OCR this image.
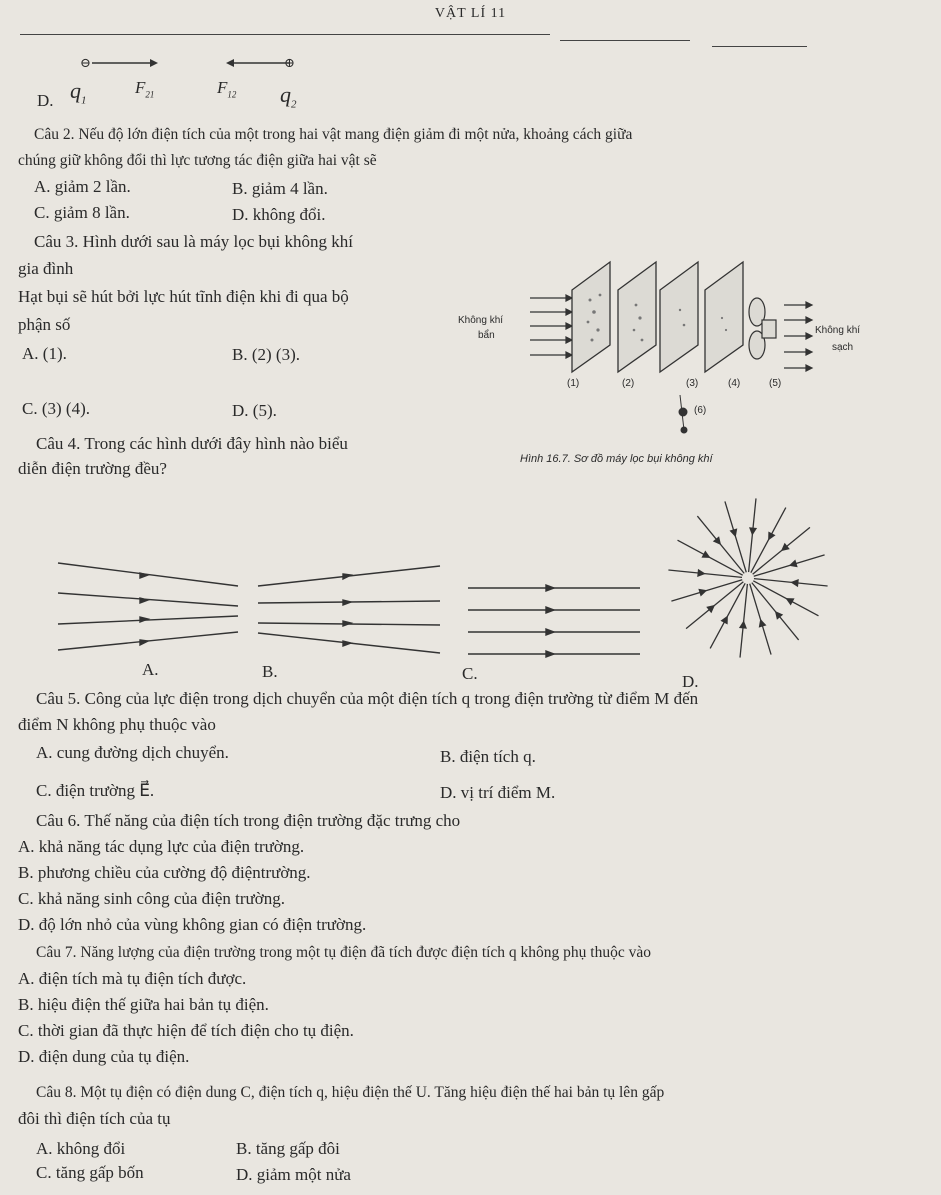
VẬT LÍ 11
D. $q_1$
⊖
$F_{21}$	$F_{12}$
⊕
$q_2$
Câu 2. Nếu độ lớn điện tích của một trong hai vật mang điện giảm đi một nửa, khoảng cách giữa
chúng giữ không đổi thì lực tương tác điện giữa hai vật sẽ
A. giảm 2 lần.	B. giảm 4 lần.
C. giảm 8 lần.	D. không đổi.
Câu 3. Hình dưới sau là máy lọc bụi không khí
gia đình
Hạt bụi sẽ hút bởi lực hút tĩnh điện khi đi qua bộ
phận số
A. (1).	B. (2) (3).
C. (3) (4).	D. (5).
Không khí
bẩn	Không khí
sạch
(1)	(2)	(3)	(4)	(5)
(6)
Hình 16.7. Sơ đồ máy lọc bụi không khí
Câu 4. Trong các hình dưới đây hình nào biểu
diễn điện trường đều?
A.	B.	C.	D.
Câu 5. Công của lực điện trong dịch chuyển của một điện tích q trong điện trường từ điểm M đến
điểm N không phụ thuộc vào
A. cung đường dịch chuyển.	B. điện tích q.
C. điện trường E⃗.	D. vị trí điểm M.
Câu 6. Thế năng của điện tích trong điện trường đặc trưng cho
A. khả năng tác dụng lực của điện trường.
B. phương chiều của cường độ điệntrường.
C. khả năng sinh công của điện trường.
D. độ lớn nhỏ của vùng không gian có điện trường.
Câu 7. Năng lượng của điện trường trong một tụ điện đã tích được điện tích q không phụ thuộc vào
A. điện tích mà tụ điện tích được.
B. hiệu điện thế giữa hai bản tụ điện.
C. thời gian đã thực hiện để tích điện cho tụ điện.
D. điện dung của tụ điện.
Câu 8. Một tụ điện có điện dung C, điện tích q, hiệu điện thế U. Tăng hiệu điện thế hai bản tụ lên gấp
đôi thì điện tích của tụ
A. không đổi	B. tăng gấp đôi
C. tăng gấp bốn	D. giảm một nửa
